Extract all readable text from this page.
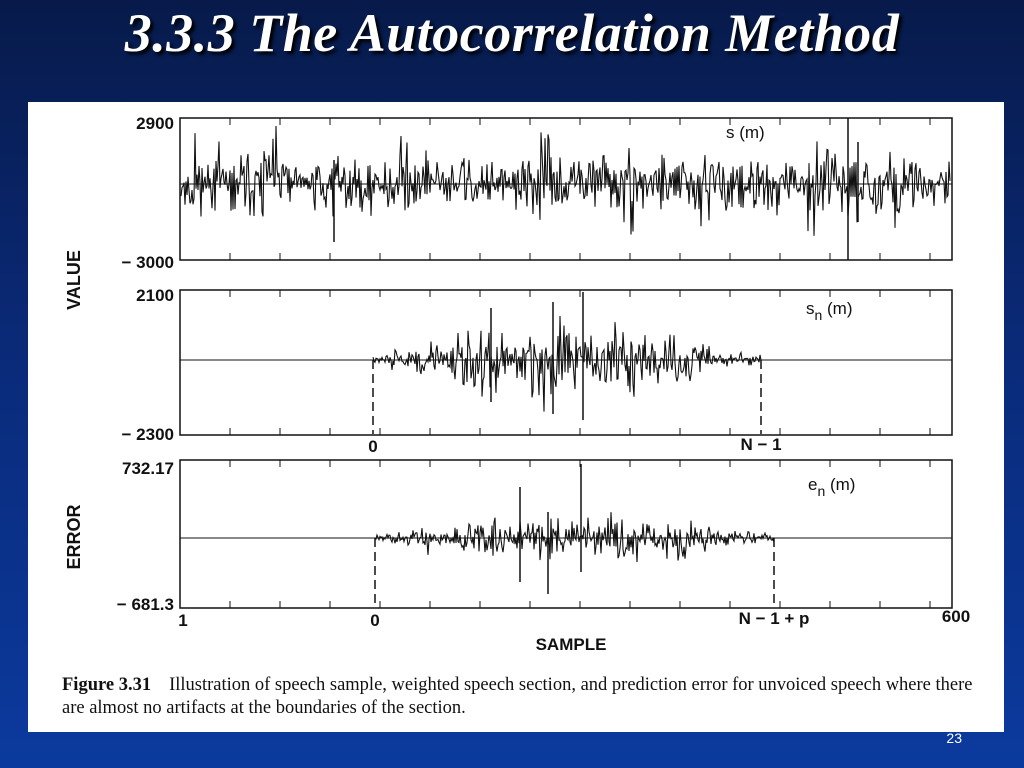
3.3.3 The Autocorrelation Method
2900
− 3000
s (m)
2100
− 2300
$s_n$ (m)
0	N − 1
732.17
− 681.3
$e_n$ (m)
1	0	N − 1 + p	600
SAMPLE
VALUE
ERROR
Figure 3.31 Illustration of speech sample, weighted speech section, and prediction error for unvoiced speech where there are almost no artifacts at the boundaries of the section.
23
